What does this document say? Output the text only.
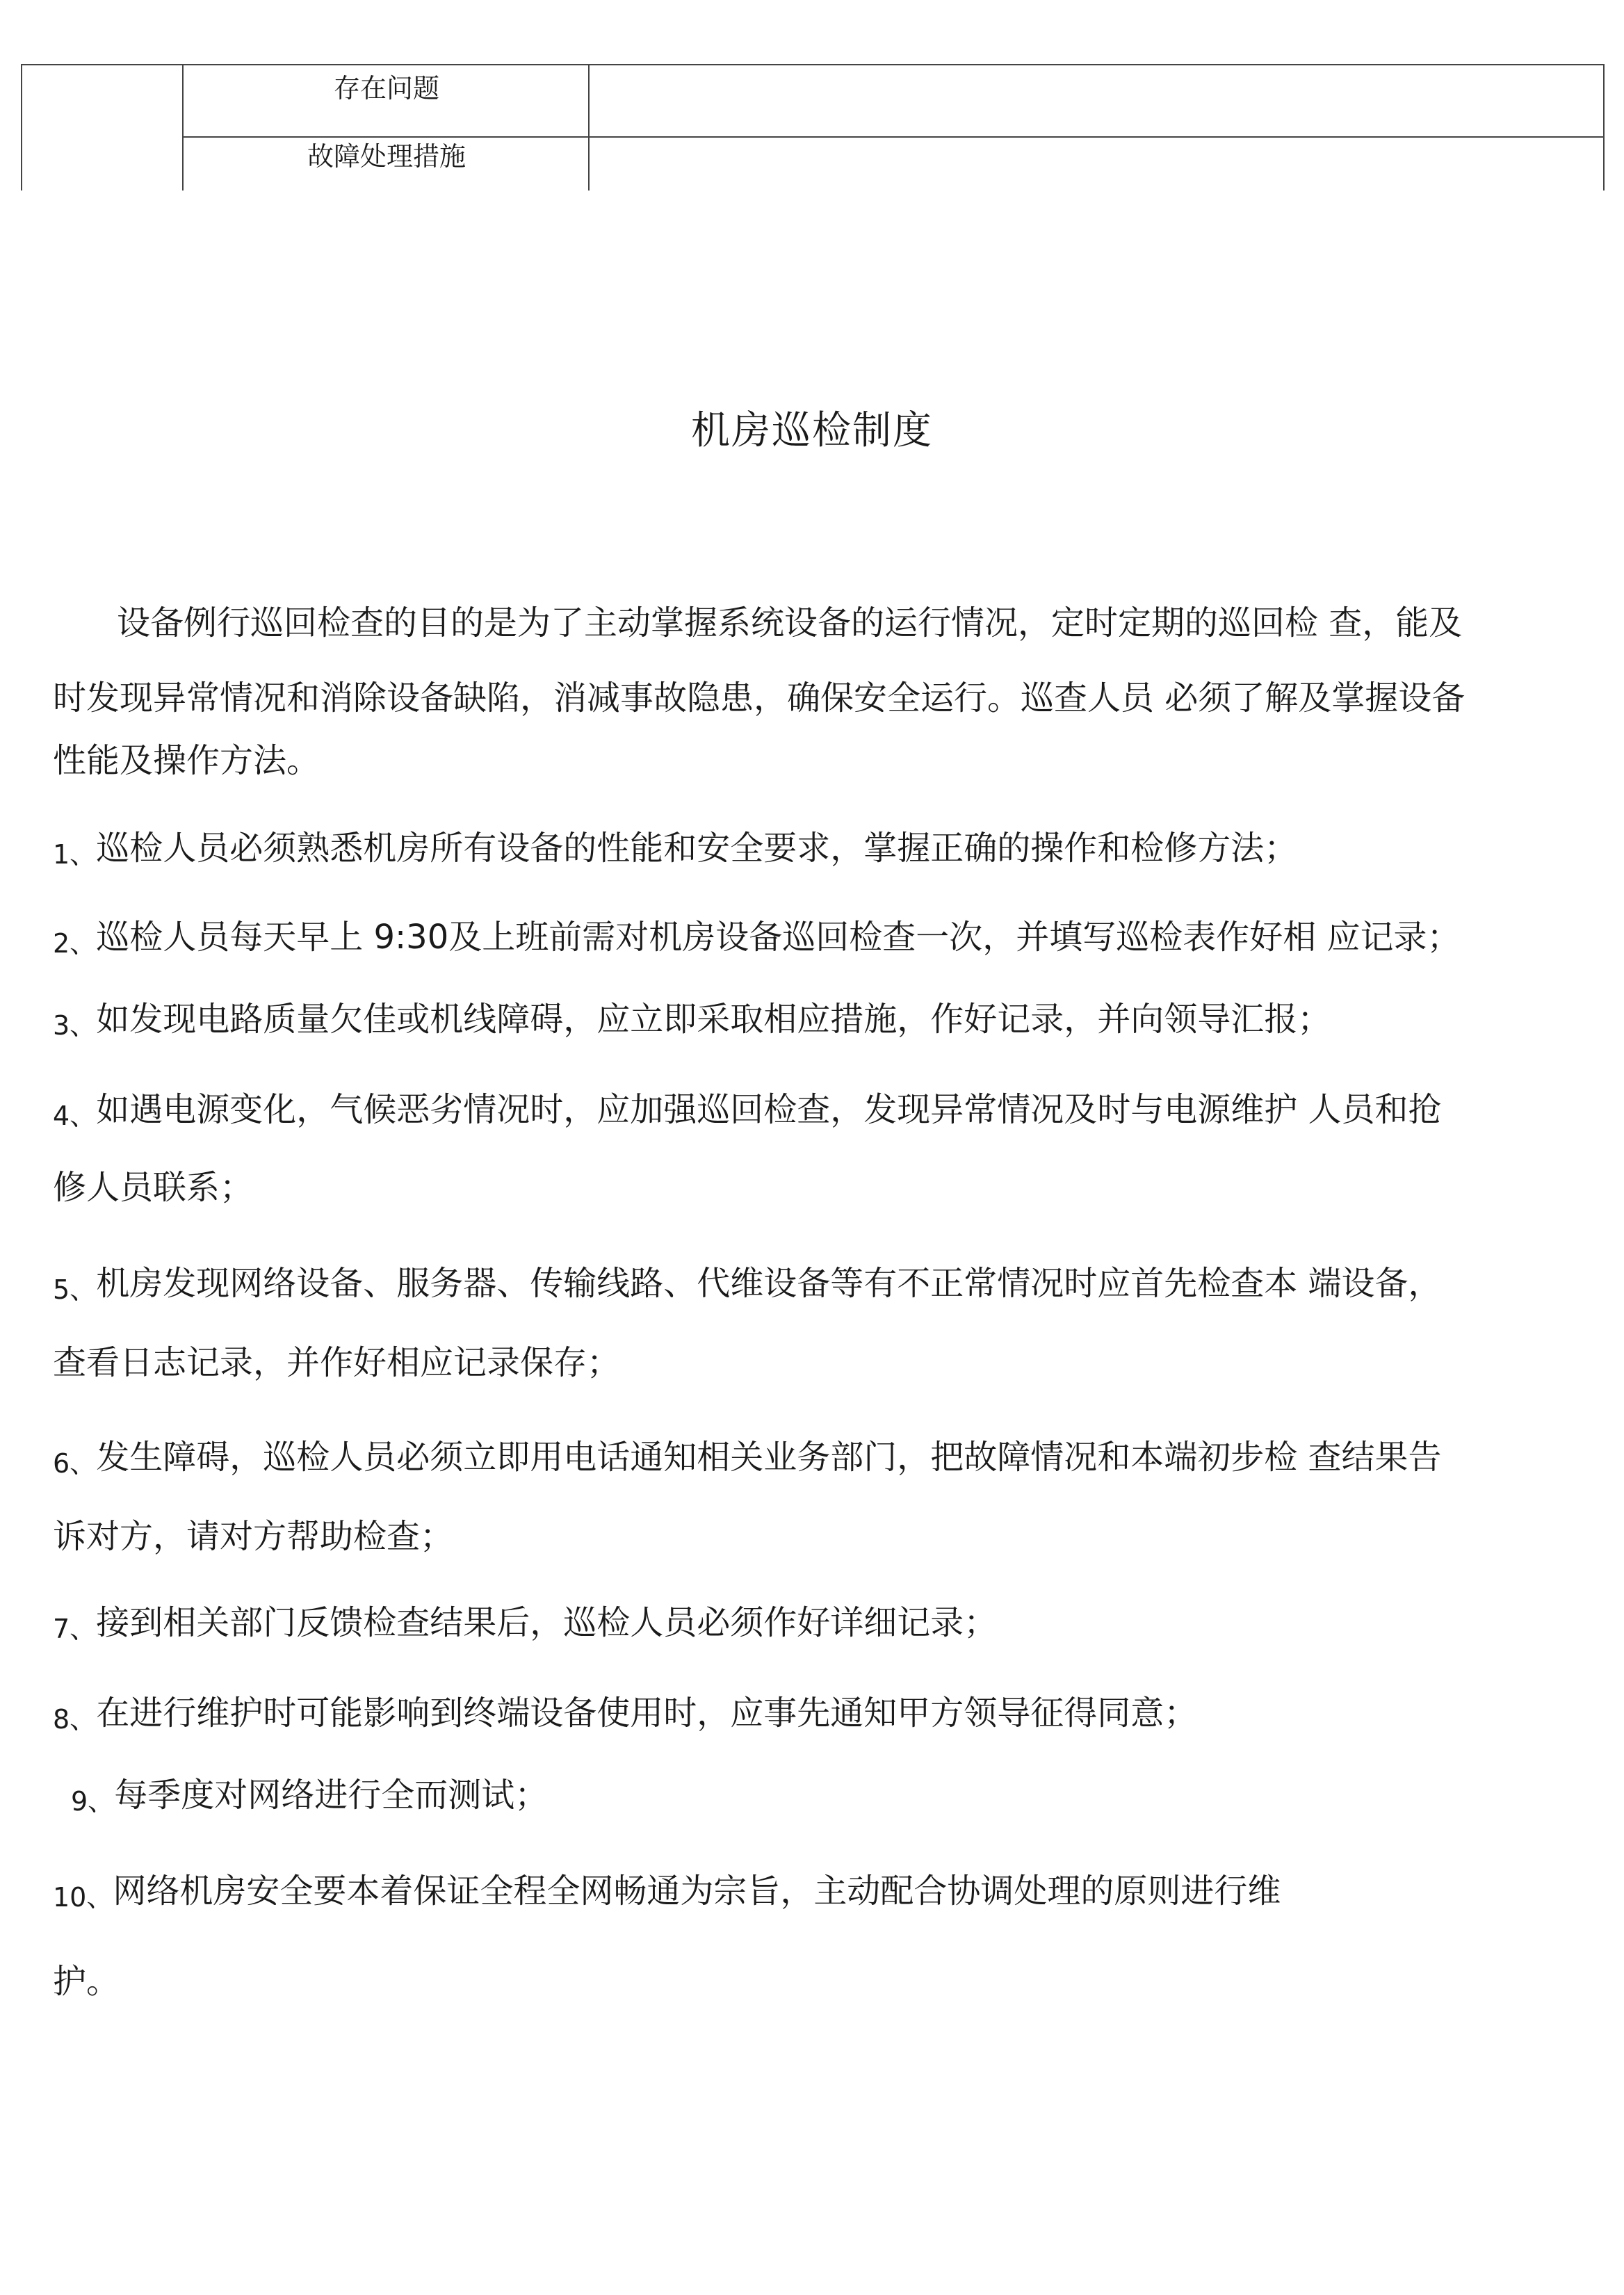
存在问题
故障处理措施
机房巡检制度
设备例行巡回检查的目的是为了主动掌握系统设备的运行情况，定时定期的巡回检 查，能及
时发现异常情况和消除设备缺陷，消减事故隐患，确保安全运行。巡查人员 必须了解及掌握设备
性能及操作方法。
1、巡检人员必须熟悉机房所有设备的性能和安全要求，掌握正确的操作和检修方法；
2、巡检人员每天早上 9:30及上班前需对机房设备巡回检查一次，并填写巡检表作好相 应记录；
3、如发现电路质量欠佳或机线障碍，应立即采取相应措施，作好记录，并向领导汇报；
4、如遇电源变化，气候恶劣情况时，应加强巡回检查，发现异常情况及时与电源维护 人员和抢
修人员联系；
5、机房发现网络设备、服务器、传输线路、代维设备等有不正常情况时应首先检查本 端设备，
查看日志记录，并作好相应记录保存；
6、发生障碍，巡检人员必须立即用电话通知相关业务部门，把故障情况和本端初步检 查结果告
诉对方，请对方帮助检查；
7、接到相关部门反馈检查结果后，巡检人员必须作好详细记录；
8、在进行维护时可能影响到终端设备使用时，应事先通知甲方领导征得同意；
9、每季度对网络进行全而测试；
10、网络机房安全要本着保证全程全网畅通为宗旨，主动配合协调处理的原则进行维
护。
